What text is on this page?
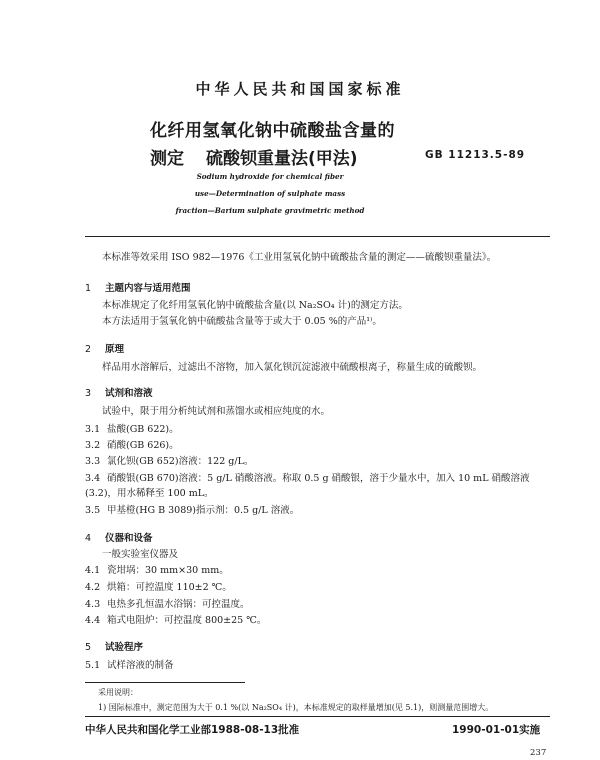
中华人民共和国国家标准
化纤用氢氧化钠中硫酸盐含量的
测定 硫酸钡重量法(甲法)	GB 11213.5-89
Sodium hydroxide for chemical fiber
use—Determination of sulphate mass
fraction—Barium sulphate gravimetric method
本标准等效采用 ISO 982—1976《工业用氢氧化钠中硫酸盐含量的测定——硫酸钡重量法》。
1 主题内容与适用范围
本标准规定了化纤用氢氧化钠中硫酸盐含量(以 Na₂SO₄ 计)的测定方法。
本方法适用于氢氧化钠中硫酸盐含量等于或大于 0.05 %的产品¹⁾。
2 原理
样品用水溶解后，过滤出不溶物，加入氯化钡沉淀滤液中硫酸根离子，称量生成的硫酸钡。
3 试剂和溶液
试验中，限于用分析纯试剂和蒸馏水或相应纯度的水。
3.1 盐酸(GB 622)。
3.2 硝酸(GB 626)。
3.3 氯化钡(GB 652)溶液：122 g/L。
3.4 硝酸银(GB 670)溶液：5 g/L 硝酸溶液。称取 0.5 g 硝酸银，溶于少量水中，加入 10 mL 硝酸溶液
(3.2)，用水稀释至 100 mL。
3.5 甲基橙(HG B 3089)指示剂：0.5 g/L 溶液。
4 仪器和设备
一般实验室仪器及
4.1 瓷坩埚：30 mm×30 mm。
4.2 烘箱：可控温度 110±2 ℃。
4.3 电热多孔恒温水浴锅：可控温度。
4.4 箱式电阻炉：可控温度 800±25 ℃。
5 试验程序
5.1 试样溶液的制备
采用说明：
1) 国际标准中，测定范围为大于 0.1 %(以 Na₂SO₄ 计)，本标准规定的取样量增加(见 5.1)，则测量范围增大。
中华人民共和国化学工业部1988-08-13批准	1990-01-01实施
237
